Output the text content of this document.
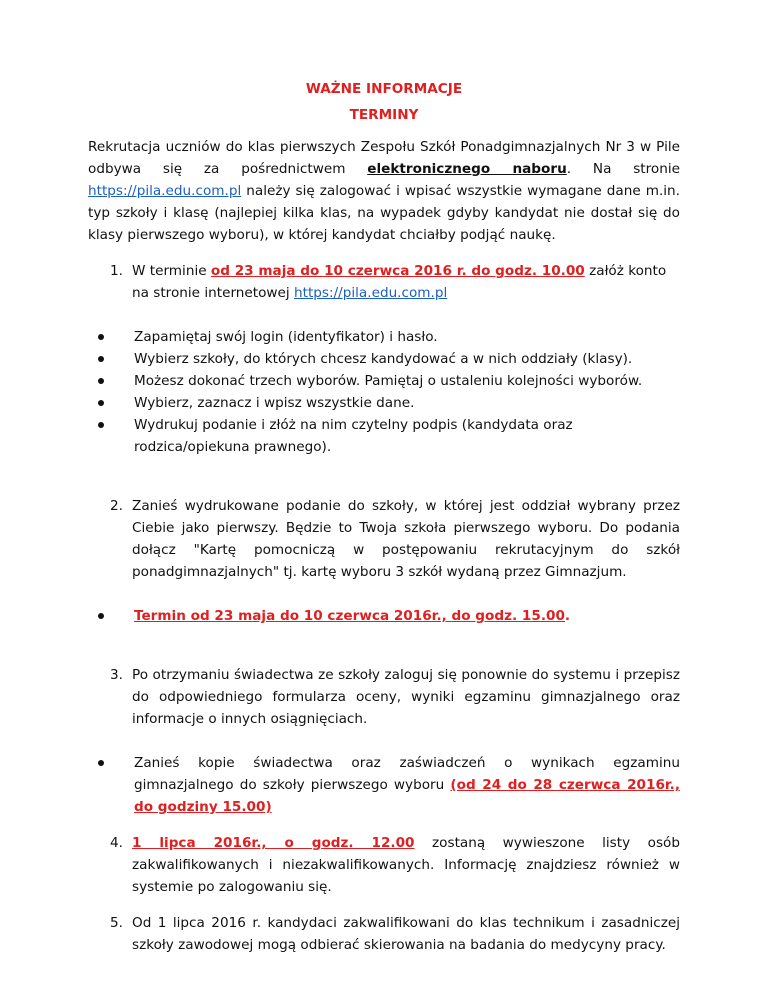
WAŻNE INFORMACJE

TERMINY

Rekrutacja uczniów do klas pierwszych Zespołu Szkół Ponadgimnazjalnych Nr 3 w Pile odbywa się za pośrednictwem elektronicznego naboru. Na stronie https://pila.edu.com.pl należy się zalogować i wpisać wszystkie wymagane dane m.in. typ szkoły i klasę (najlepiej kilka klas, na wypadek gdyby kandydat nie dostał się do klasy pierwszego wyboru), w której kandydat chciałby podjąć naukę.

1. W terminie od 23 maja do 10 czerwca 2016 r. do godz. 10.00 załóż konto na stronie internetowej https://pila.edu.com.pl
Zapamiętaj swój login (identyfikator) i hasło.
Wybierz szkoły, do których chcesz kandydować a w nich oddziały (klasy).
Możesz dokonać trzech wyborów. Pamiętaj o ustaleniu kolejności wyborów.
Wybierz, zaznacz i wpisz wszystkie dane.
Wydrukuj podanie i złóż na nim czytelny podpis (kandydata oraz rodzica/opiekuna prawnego).
2. Zanieś wydrukowane podanie do szkoły, w której jest oddział wybrany przez Ciebie jako pierwszy. Będzie to Twoja szkoła pierwszego wyboru. Do podania dołącz "Kartę pomocniczą w postępowaniu rekrutacyjnym do szkół ponadgimnazjalnych" tj. kartę wyboru 3 szkół wydaną przez Gimnazjum.
Termin od 23 maja do 10 czerwca 2016r., do godz. 15.00.
3. Po otrzymaniu świadectwa ze szkoły zaloguj się ponownie do systemu i przepisz do odpowiedniego formularza oceny, wyniki egzaminu gimnazjalnego oraz informacje o innych osiągnięciach.
Zanieś kopie świadectwa oraz zaświadczeń o wynikach egzaminu gimnazjalnego do szkoły pierwszego wyboru (od 24 do 28 czerwca 2016r., do godziny 15.00)
4. 1 lipca 2016r., o godz. 12.00 zostaną wywieszone listy osób zakwalifikowanych i niezakwalifikowanych. Informację znajdziesz również w systemie po zalogowaniu się.
5. Od 1 lipca 2016 r. kandydaci zakwalifikowani do klas technikum i zasadniczej szkoły zawodowej mogą odbierać skierowania na badania do medycyny pracy.
